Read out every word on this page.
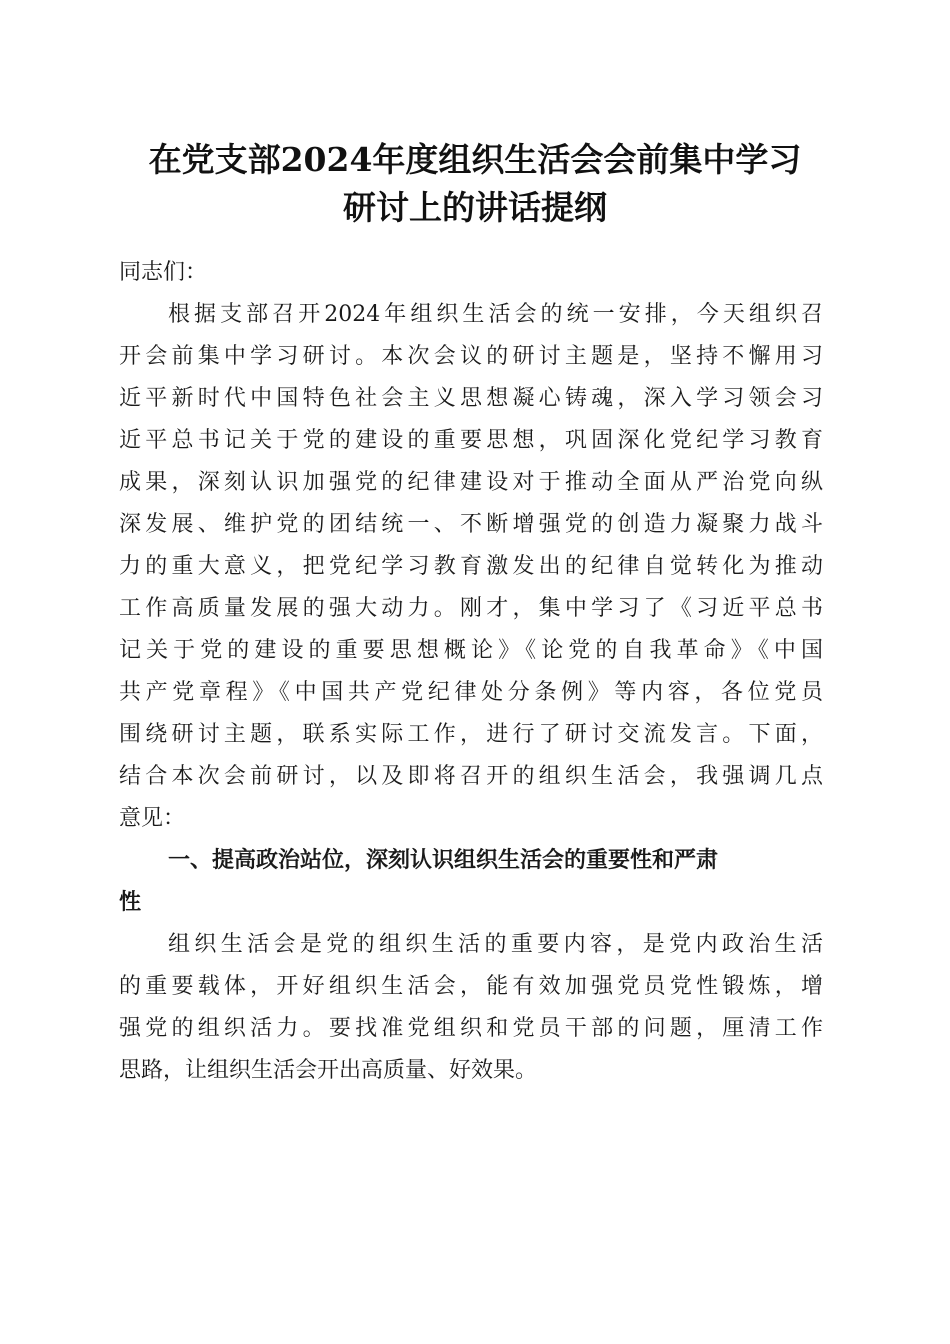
在党支部2024年度组织生活会会前集中学习
研讨上的讲话提纲
同志们：
根据支部召开2024年组织生活会的统一安排，今天组织召
开会前集中学习研讨。本次会议的研讨主题是，坚持不懈用习
近平新时代中国特色社会主义思想凝心铸魂，深入学习领会习
近平总书记关于党的建设的重要思想，巩固深化党纪学习教育
成果，深刻认识加强党的纪律建设对于推动全面从严治党向纵
深发展、维护党的团结统一、不断增强党的创造力凝聚力战斗
力的重大意义，把党纪学习教育激发出的纪律自觉转化为推动
工作高质量发展的强大动力。刚才，集中学习了《习近平总书
记关于党的建设的重要思想概论》《论党的自我革命》《中国
共产党章程》《中国共产党纪律处分条例》等内容，各位党员
围绕研讨主题，联系实际工作，进行了研讨交流发言。下面，
结合本次会前研讨，以及即将召开的组织生活会，我强调几点
意见：
一、提高政治站位，深刻认识组织生活会的重要性和严肃
性
组织生活会是党的组织生活的重要内容，是党内政治生活
的重要载体，开好组织生活会，能有效加强党员党性锻炼，增
强党的组织活力。要找准党组织和党员干部的问题，厘清工作
思路，让组织生活会开出高质量、好效果。
